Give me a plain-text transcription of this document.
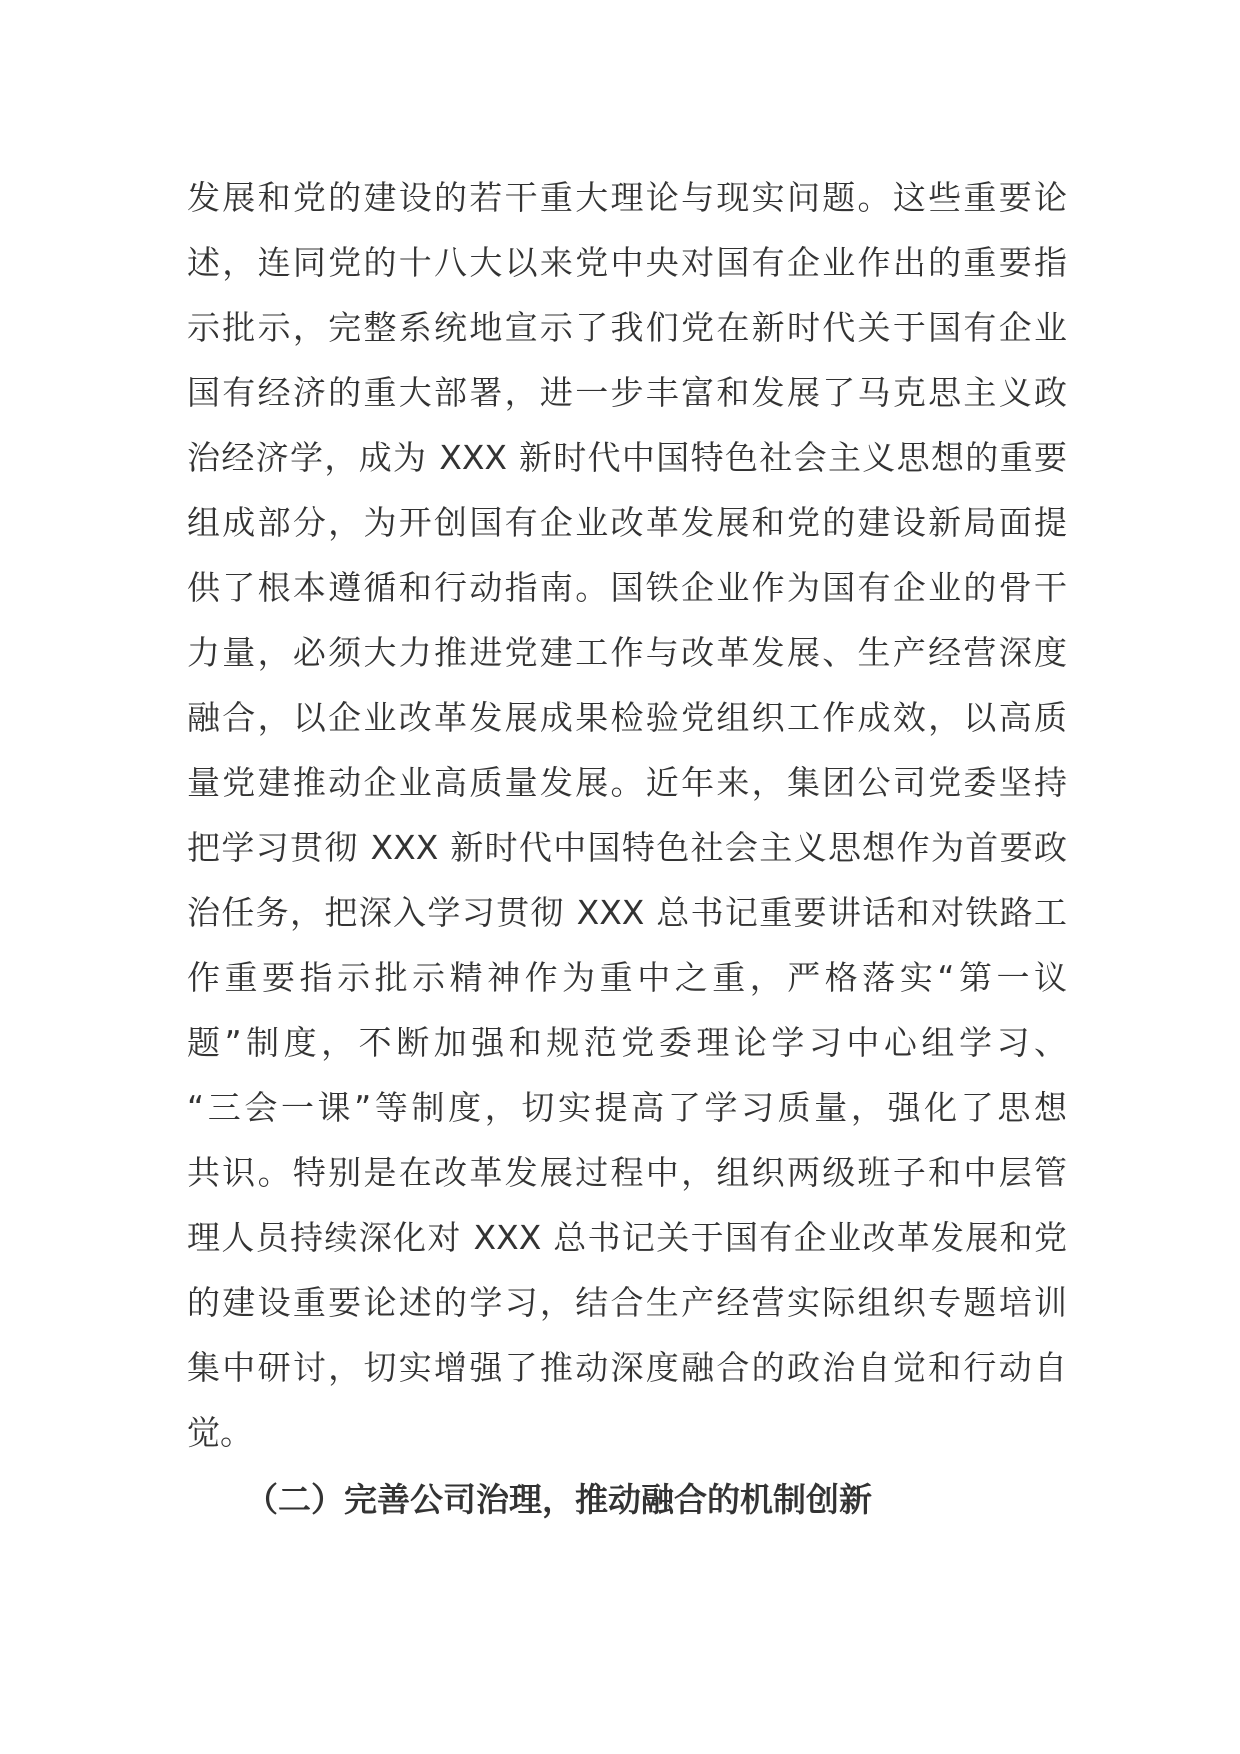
发展和党的建设的若干重大理论与现实问题。这些重要论
述，连同党的十八大以来党中央对国有企业作出的重要指
示批示，完整系统地宣示了我们党在新时代关于国有企业
国有经济的重大部署，进一步丰富和发展了马克思主义政
治经济学，成为 XXX 新时代中国特色社会主义思想的重要
组成部分，为开创国有企业改革发展和党的建设新局面提
供了根本遵循和行动指南。国铁企业作为国有企业的骨干
力量，必须大力推进党建工作与改革发展、生产经营深度
融合，以企业改革发展成果检验党组织工作成效，以高质
量党建推动企业高质量发展。近年来，集团公司党委坚持
把学习贯彻 XXX 新时代中国特色社会主义思想作为首要政
治任务，把深入学习贯彻 XXX 总书记重要讲话和对铁路工
作重要指示批示精神作为重中之重，严格落实“第一议
题”制度，不断加强和规范党委理论学习中心组学习、
“三会一课”等制度，切实提高了学习质量，强化了思想
共识。特别是在改革发展过程中，组织两级班子和中层管
理人员持续深化对 XXX 总书记关于国有企业改革发展和党
的建设重要论述的学习，结合生产经营实际组织专题培训
集中研讨，切实增强了推动深度融合的政治自觉和行动自
觉。
（二）完善公司治理，推动融合的机制创新
